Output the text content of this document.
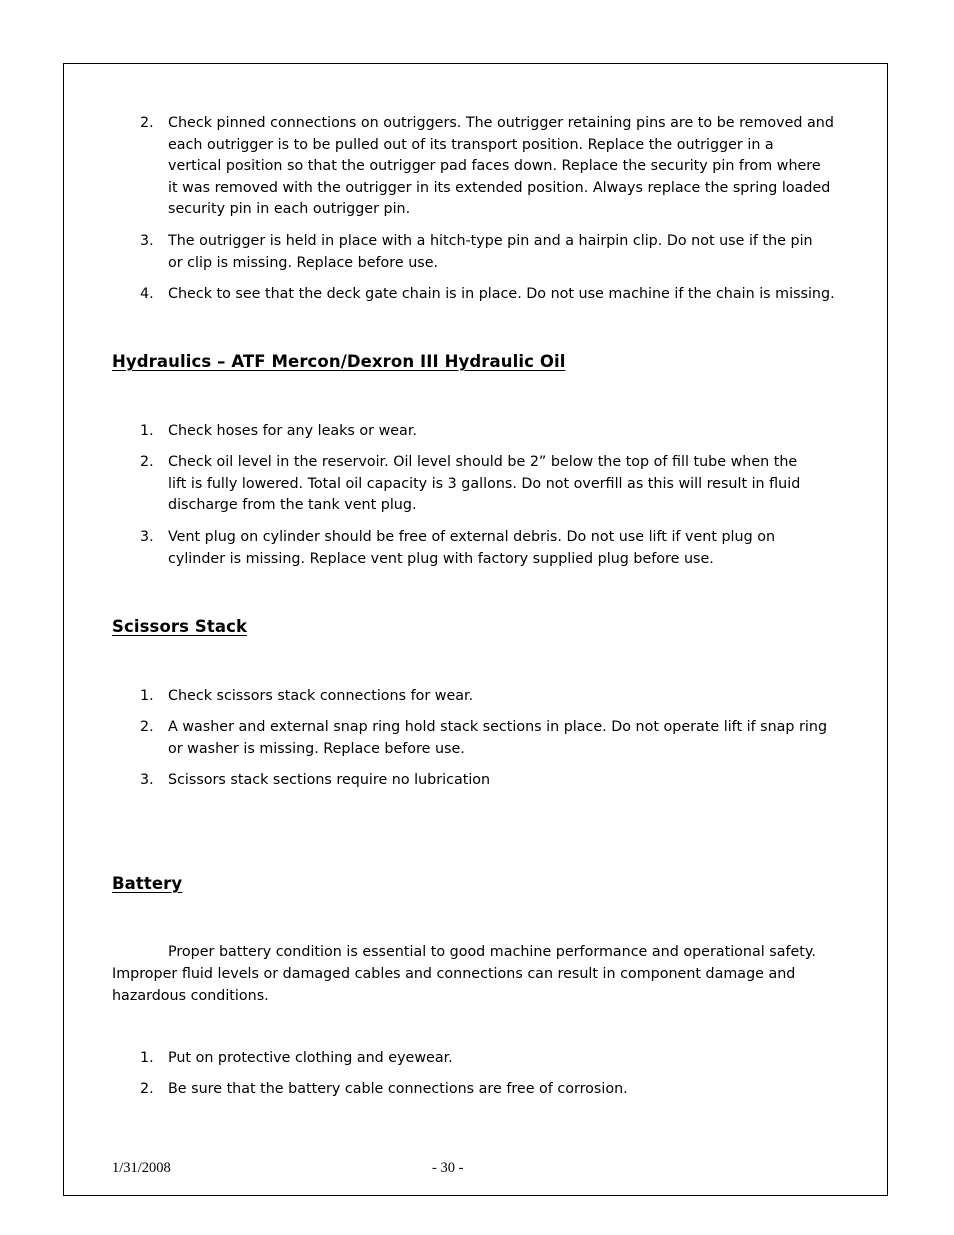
2. Check pinned connections on outriggers. The outrigger retaining pins are to be removed and
each outrigger is to be pulled out of its transport position. Replace the outrigger in a
vertical position so that the outrigger pad faces down. Replace the security pin from where
it was removed with the outrigger in its extended position. Always replace the spring loaded
security pin in each outrigger pin.
3. The outrigger is held in place with a hitch-type pin and a hairpin clip. Do not use if the pin
or clip is missing. Replace before use.
4. Check to see that the deck gate chain is in place. Do not use machine if the chain is missing.
Hydraulics – ATF Mercon/Dexron III Hydraulic Oil
1. Check hoses for any leaks or wear.
2. Check oil level in the reservoir. Oil level should be 2” below the top of fill tube when the
lift is fully lowered. Total oil capacity is 3 gallons. Do not overfill as this will result in fluid
discharge from the tank vent plug.
3. Vent plug on cylinder should be free of external debris. Do not use lift if vent plug on
cylinder is missing. Replace vent plug with factory supplied plug before use.
Scissors Stack
1. Check scissors stack connections for wear.
2. A washer and external snap ring hold stack sections in place. Do not operate lift if snap ring
or washer is missing. Replace before use.
3. Scissors stack sections require no lubrication
Battery
Proper battery condition is essential to good machine performance and operational safety.
Improper fluid levels or damaged cables and connections can result in component damage and
hazardous conditions.
1. Put on protective clothing and eyewear.
2. Be sure that the battery cable connections are free of corrosion.
1/31/2008	- 30 -
